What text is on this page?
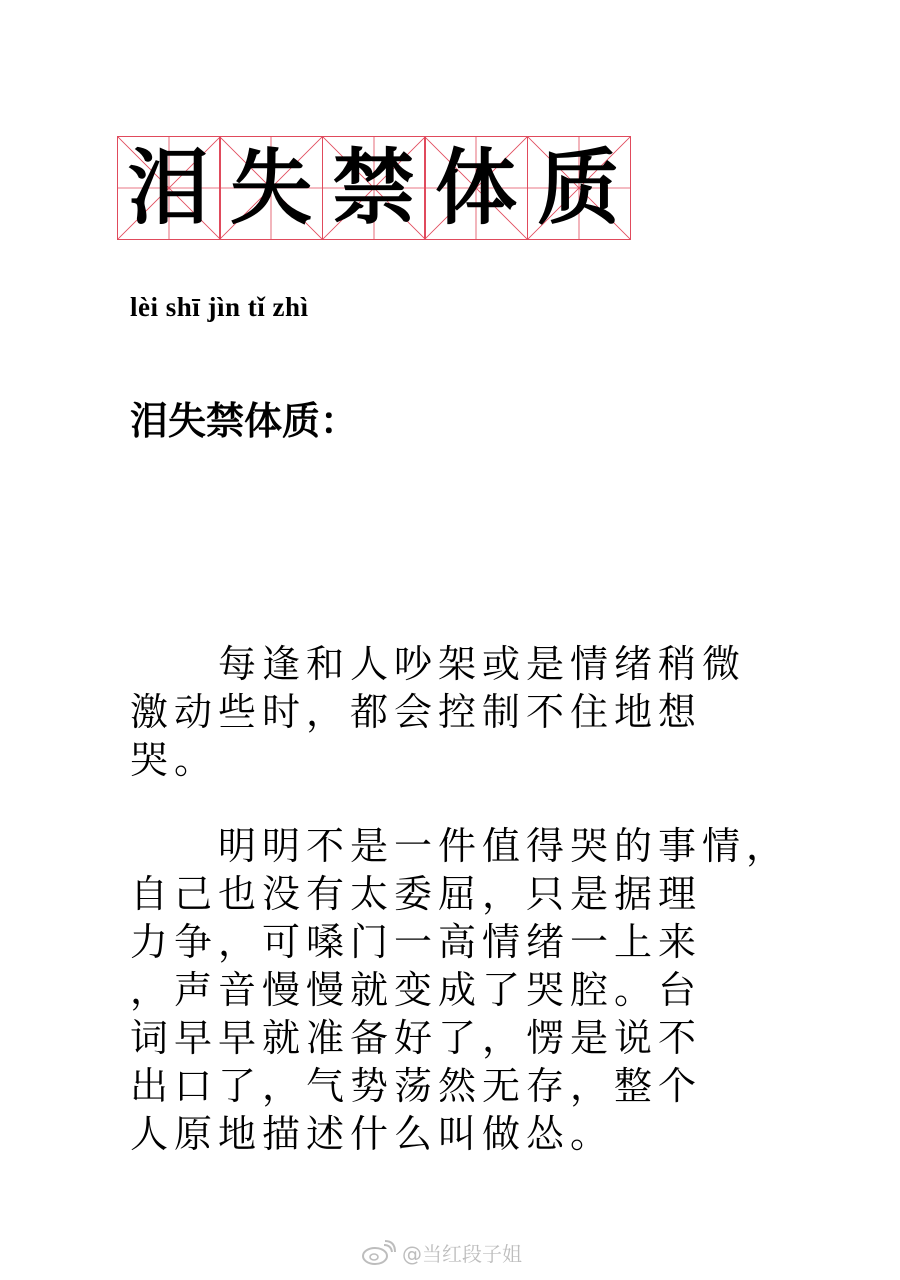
泪 失 禁 体 质
lèi shī jìn tǐ zhì
泪失禁体质：
　　每逢和人吵架或是情绪稍微
激动些时，都会控制不住地想
哭。
　　明明不是一件值得哭的事情，
自己也没有太委屈，只是据理
力争，可嗓门一高情绪一上来
，声音慢慢就变成了哭腔。台
词早早就准备好了，愣是说不
出口了，气势荡然无存，整个
人原地描述什么叫做怂。
@当红段子姐
